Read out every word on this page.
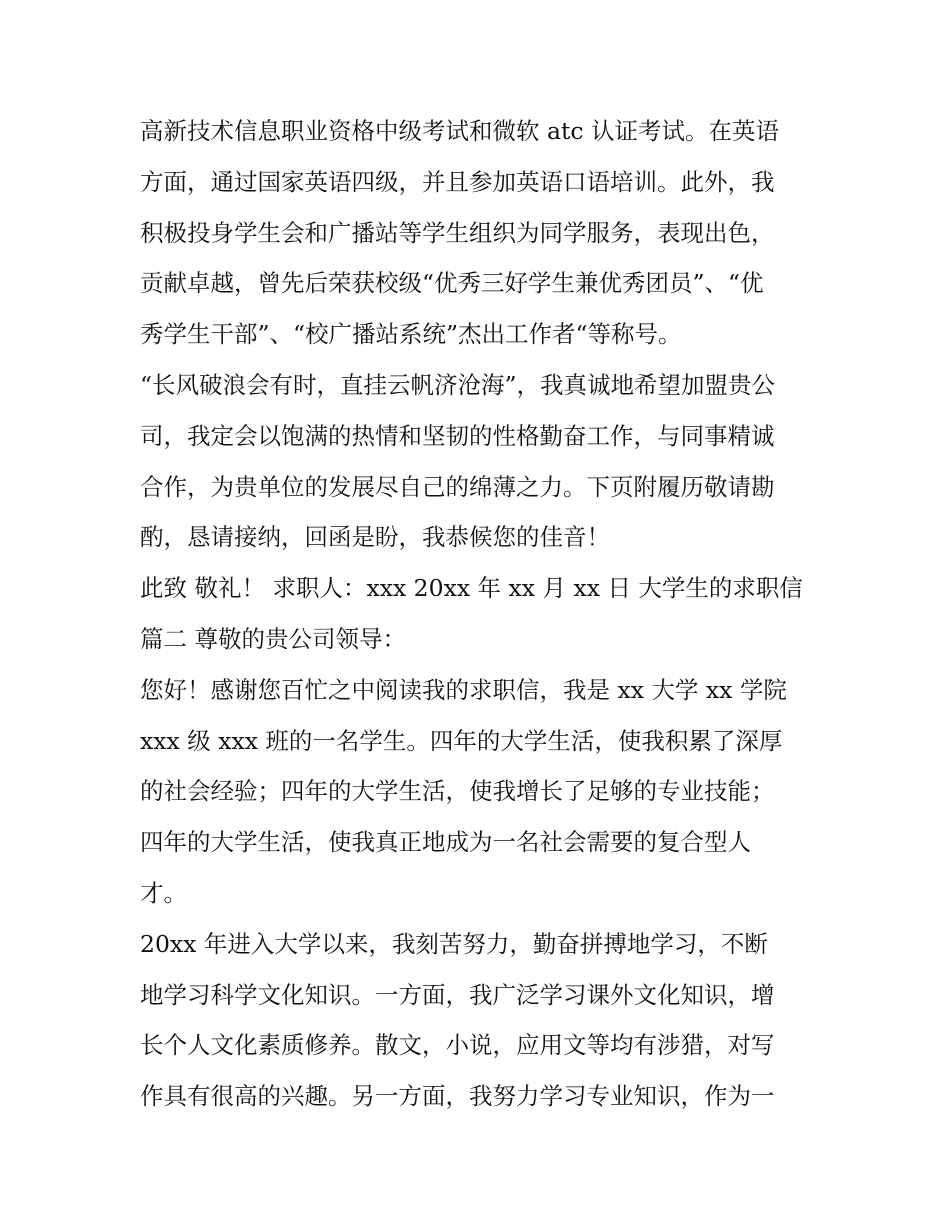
高新技术信息职业资格中级考试和微软 atc 认证考试。在英语
方面，通过国家英语四级，并且参加英语口语培训。此外，我
积极投身学生会和广播站等学生组织为同学服务，表现出色，
贡献卓越，曾先后荣获校级“优秀三好学生兼优秀团员”、“优
秀学生干部”、“校广播站系统”杰出工作者“等称号。
“长风破浪会有时，直挂云帆济沧海”，我真诚地希望加盟贵公
司，我定会以饱满的热情和坚韧的性格勤奋工作，与同事精诚
合作，为贵单位的发展尽自己的绵薄之力。下页附履历敬请勘
酌，恳请接纳，回函是盼，我恭候您的佳音！
此致 敬礼！ 求职人：xxx 20xx 年 xx 月 xx 日 大学生的求职信
篇二 尊敬的贵公司领导：
您好！感谢您百忙之中阅读我的求职信，我是 xx 大学 xx 学院
xxx 级 xxx 班的一名学生。四年的大学生活，使我积累了深厚
的社会经验；四年的大学生活，使我增长了足够的专业技能；
四年的大学生活，使我真正地成为一名社会需要的复合型人
才。
20xx 年进入大学以来，我刻苦努力，勤奋拼搏地学习，不断
地学习科学文化知识。一方面，我广泛学习课外文化知识，增
长个人文化素质修养。散文，小说，应用文等均有涉猎，对写
作具有很高的兴趣。另一方面，我努力学习专业知识，作为一
